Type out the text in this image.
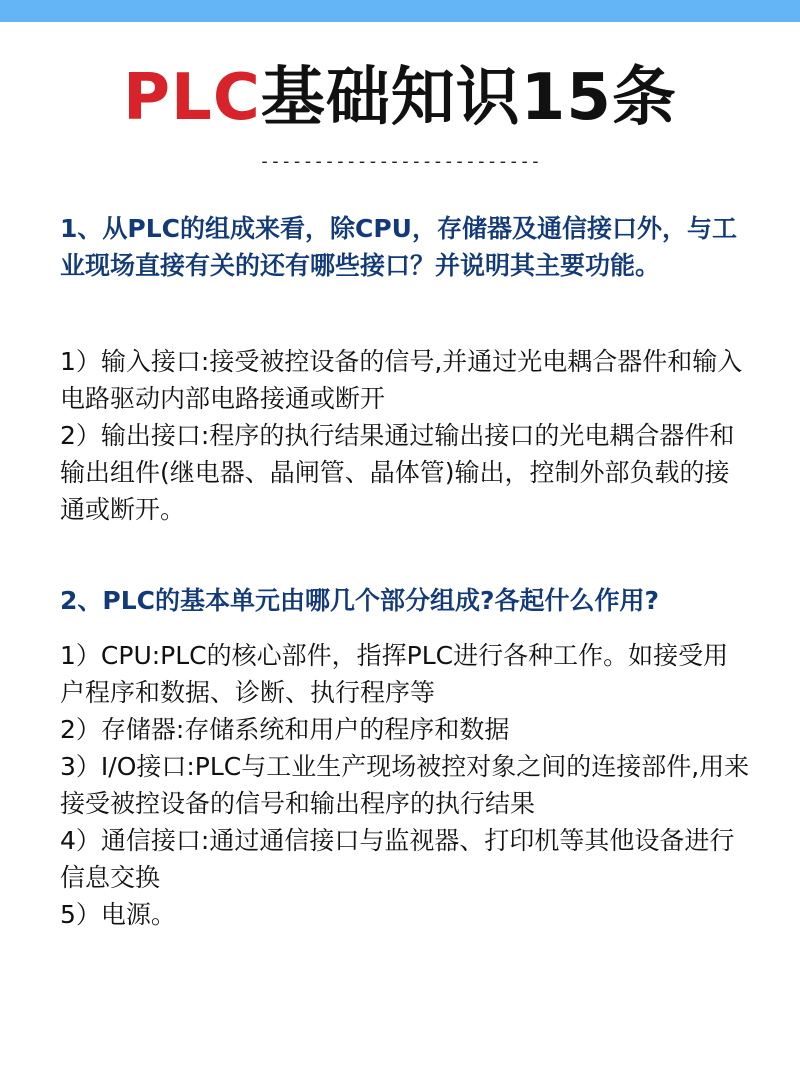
PLC基础知识15条
--------------------------
1、从PLC的组成来看，除CPU，存储器及通信接口外，与工业现场直接有关的还有哪些接口？并说明其主要功能。

1）输入接口:接受被控设备的信号,并通过光电耦合器件和输入电路驱动内部电路接通或断开

2）输出接口:程序的执行结果通过输出接口的光电耦合器件和输出组件(继电器、晶闸管、晶体管)输出，控制外部负载的接通或断开。

2、PLC的基本单元由哪几个部分组成?各起什么作用?

1）CPU:PLC的核心部件，指挥PLC进行各种工作。如接受用户程序和数据、诊断、执行程序等

2）存储器:存储系统和用户的程序和数据

3）I/O接口:PLC与工业生产现场被控对象之间的连接部件,用来接受被控设备的信号和输出程序的执行结果

4）通信接口:通过通信接口与监视器、打印机等其他设备进行信息交换

5）电源。
